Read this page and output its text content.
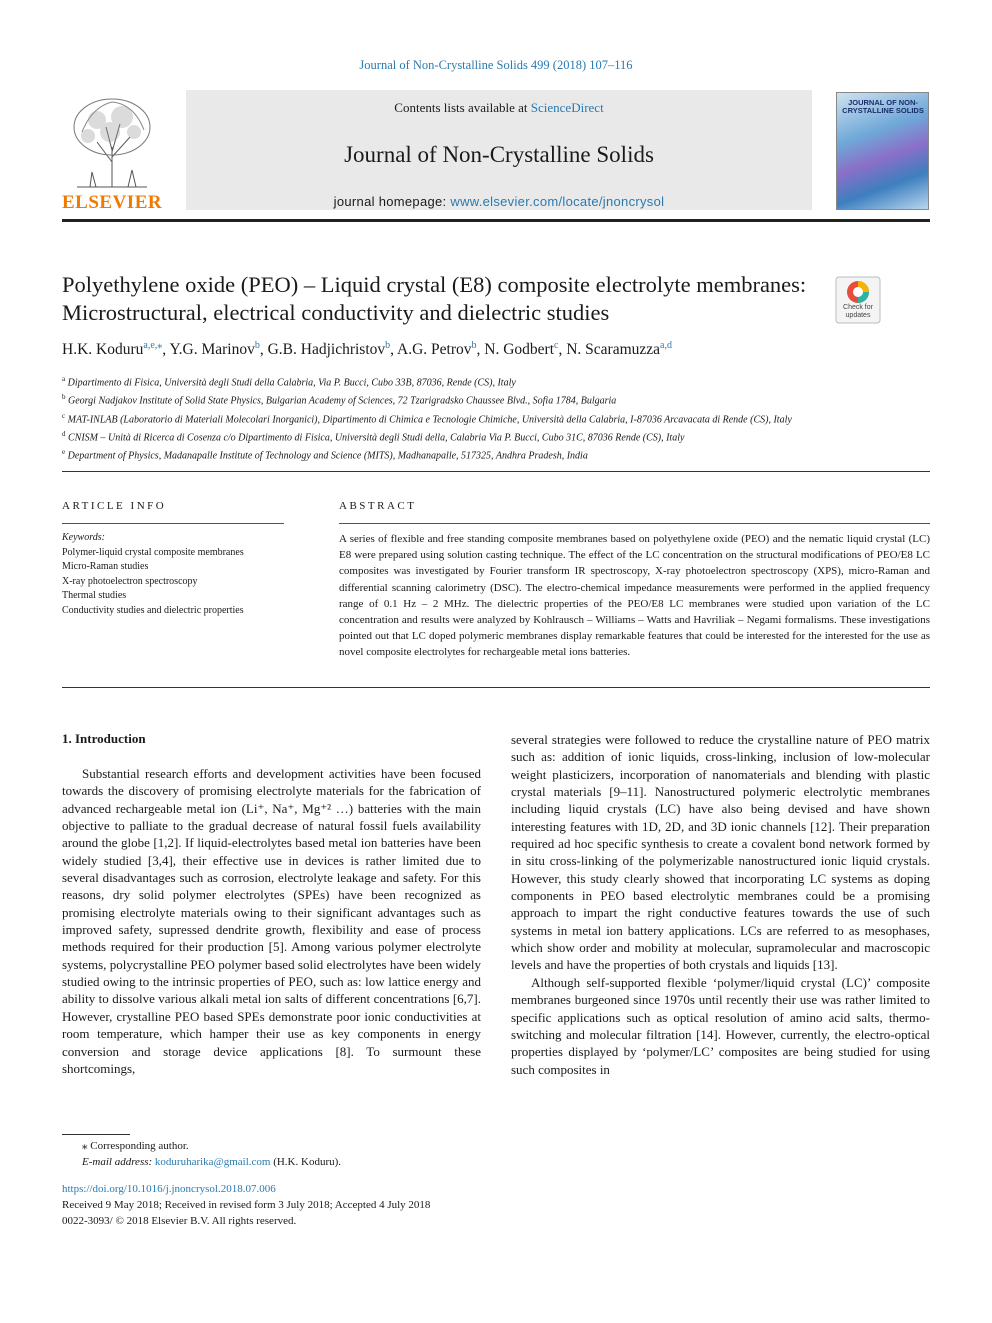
Journal of Non-Crystalline Solids 499 (2018) 107–116
Contents lists available at ScienceDirect
Journal of Non-Crystalline Solids
journal homepage: www.elsevier.com/locate/jnoncrysol
ELSEVIER
JOURNAL OF NON-CRYSTALLINE SOLIDS
Polyethylene oxide (PEO) – Liquid crystal (E8) composite electrolyte membranes: Microstructural, electrical conductivity and dielectric studies	Check for updates
H.K. Koduru$^{a,e,⁎}$, Y.G. Marinov$^b$, G.B. Hadjichristov$^b$, A.G. Petrov$^b$, N. Godbert$^c$, N. Scaramuzza$^{a,d}$
$^a$ Dipartimento di Fisica, Università degli Studi della Calabria, Via P. Bucci, Cubo 33B, 87036, Rende (CS), Italy
$^b$ Georgi Nadjakov Institute of Solid State Physics, Bulgarian Academy of Sciences, 72 Tzarigradsko Chaussee Blvd., Sofia 1784, Bulgaria
$^c$ MAT-INLAB (Laboratorio di Materiali Molecolari Inorganici), Dipartimento di Chimica e Tecnologie Chimiche, Università della Calabria, I-87036 Arcavacata di Rende (CS), Italy
$^d$ CNISM – Unità di Ricerca di Cosenza c/o Dipartimento di Fisica, Università degli Studi della, Calabria Via P. Bucci, Cubo 31C, 87036 Rende (CS), Italy
$^e$ Department of Physics, Madanapalle Institute of Technology and Science (MITS), Madhanapalle, 517325, Andhra Pradesh, India
ARTICLE INFO
Keywords:
Polymer-liquid crystal composite membranes
Micro-Raman studies
X-ray photoelectron spectroscopy
Thermal studies
Conductivity studies and dielectric properties
ABSTRACT
A series of flexible and free standing composite membranes based on polyethylene oxide (PEO) and the nematic liquid crystal (LC) E8 were prepared using solution casting technique. The effect of the LC concentration on the structural modifications of PEO/E8 LC composites was investigated by Fourier transform IR spectroscopy, X-ray photoelectron spectroscopy (XPS), micro-Raman and differential scanning calorimetry (DSC). The electro-chemical impedance measurements were performed in the applied frequency range of 0.1 Hz – 2 MHz. The dielectric properties of the PEO/E8 LC membranes were studied upon variation of the LC concentration and results were analyzed by Kohlrausch – Williams – Watts and Havriliak – Negami formalisms. These investigations pointed out that LC doped polymeric membranes display remarkable features that could be interested for the interested for the use as novel composite electrolytes for rechargeable metal ions batteries.
1. Introduction
Substantial research efforts and development activities have been focused towards the discovery of promising electrolyte materials for the fabrication of advanced rechargeable metal ion (Li⁺, Na⁺, Mg⁺² …) batteries with the main objective to palliate to the gradual decrease of natural fossil fuels availability around the globe [1,2]. If liquid-electrolytes based metal ion batteries have been widely studied [3,4], their effective use in devices is rather limited due to several disadvantages such as corrosion, electrolyte leakage and safety. For this reasons, dry solid polymer electrolytes (SPEs) have been recognized as promising electrolyte materials owing to their significant advantages such as improved safety, supressed dendrite growth, flexibility and ease of process methods required for their production [5]. Among various polymer electrolyte systems, polycrystalline PEO polymer based solid electrolytes have been widely studied owing to the intrinsic properties of PEO, such as: low lattice energy and ability to dissolve various alkali metal ion salts of different concentrations [6,7]. However, crystalline PEO based SPEs demonstrate poor ionic conductivities at room temperature, which hamper their use as key components in energy conversion and storage device applications [8]. To surmount these shortcomings,

several strategies were followed to reduce the crystalline nature of PEO matrix such as: addition of ionic liquids, cross-linking, inclusion of low-molecular weight plasticizers, incorporation of nanomaterials and blending with plastic crystal materials [9–11]. Nanostructured polymeric electrolytic membranes including liquid crystals (LC) have also being devised and have shown interesting features with 1D, 2D, and 3D ionic channels [12]. Their preparation required ad hoc specific synthesis to create a covalent bond network formed by in situ cross-linking of the polymerizable nanostructured ionic liquid crystals. However, this study clearly showed that incorporating LC systems as doping components in PEO based electrolytic membranes could be a promising approach to impart the right conductive features towards the use of such systems in metal ion battery applications. LCs are referred to as mesophases, which show order and mobility at molecular, supramolecular and macroscopic levels and have the properties of both crystals and liquids [13].

Although self-supported flexible ‘polymer/liquid crystal (LC)’ composite membranes burgeoned since 1970s until recently their use was rather limited to specific applications such as optical resolution of amino acid salts, thermo-switching and molecular filtration [14]. However, currently, the electro-optical properties displayed by ‘polymer/LC’ composites are being studied for using such composites in

⁎ Corresponding author.
E-mail address: koduruharika@gmail.com (H.K. Koduru).
https://doi.org/10.1016/j.jnoncrysol.2018.07.006
Received 9 May 2018; Received in revised form 3 July 2018; Accepted 4 July 2018
0022-3093/ © 2018 Elsevier B.V. All rights reserved.
